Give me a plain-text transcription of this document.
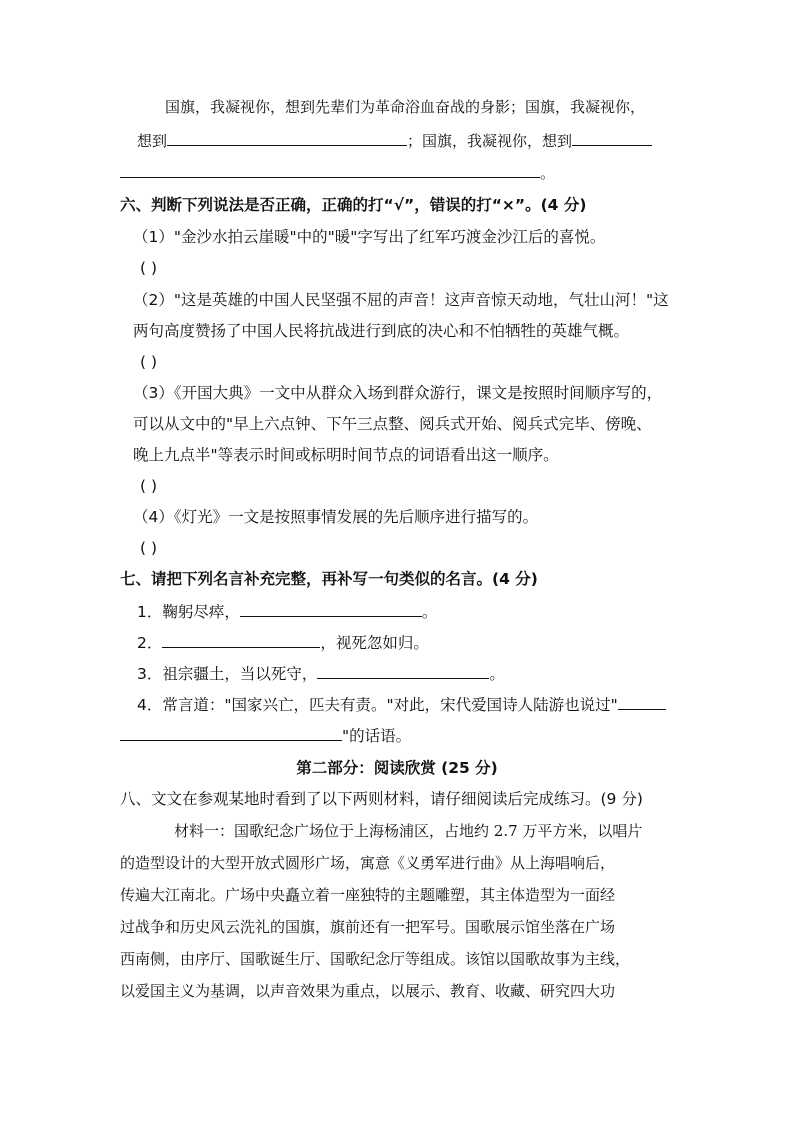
国旗，我凝视你，想到先辈们为革命浴血奋战的身影；国旗，我凝视你，
想到	；国旗，我凝视你，想到
。
六、判断下列说法是否正确，正确的打“√”，错误的打“×”。(4 分)
（1）"金沙水拍云崖暖"中的"暖"字写出了红军巧渡金沙江后的喜悦。
( )
（2）"这是英雄的中国人民坚强不屈的声音！这声音惊天动地，气壮山河！"这
两句高度赞扬了中国人民将抗战进行到底的决心和不怕牺牲的英雄气概。
( )
（3）《开国大典》一文中从群众入场到群众游行，课文是按照时间顺序写的，
可以从文中的"早上六点钟、下午三点整、阅兵式开始、阅兵式完毕、傍晚、
晚上九点半"等表示时间或标明时间节点的词语看出这一顺序。
( )
（4）《灯光》一文是按照事情发展的先后顺序进行描写的。
( )
七、请把下列名言补充完整，再补写一句类似的名言。(4 分)
1．鞠躬尽瘁，	。
2．	，视死忽如归。
3．祖宗疆土，当以死守，	。
4．常言道："国家兴亡，匹夫有责。"对此，宋代爱国诗人陆游也说过"
"的话语。
第二部分：阅读欣赏 (25 分)
八、文文在参观某地时看到了以下两则材料，请仔细阅读后完成练习。(9 分)
材料一：国歌纪念广场位于上海杨浦区，占地约 2.7 万平方米，以唱片
的造型设计的大型开放式圆形广场，寓意《义勇军进行曲》从上海唱响后，
传遍大江南北。广场中央矗立着一座独特的主题雕塑，其主体造型为一面经
过战争和历史风云洗礼的国旗，旗前还有一把军号。国歌展示馆坐落在广场
西南侧，由序厅、国歌诞生厅、国歌纪念厅等组成。该馆以国歌故事为主线，
以爱国主义为基调，以声音效果为重点，以展示、教育、收藏、研究四大功
